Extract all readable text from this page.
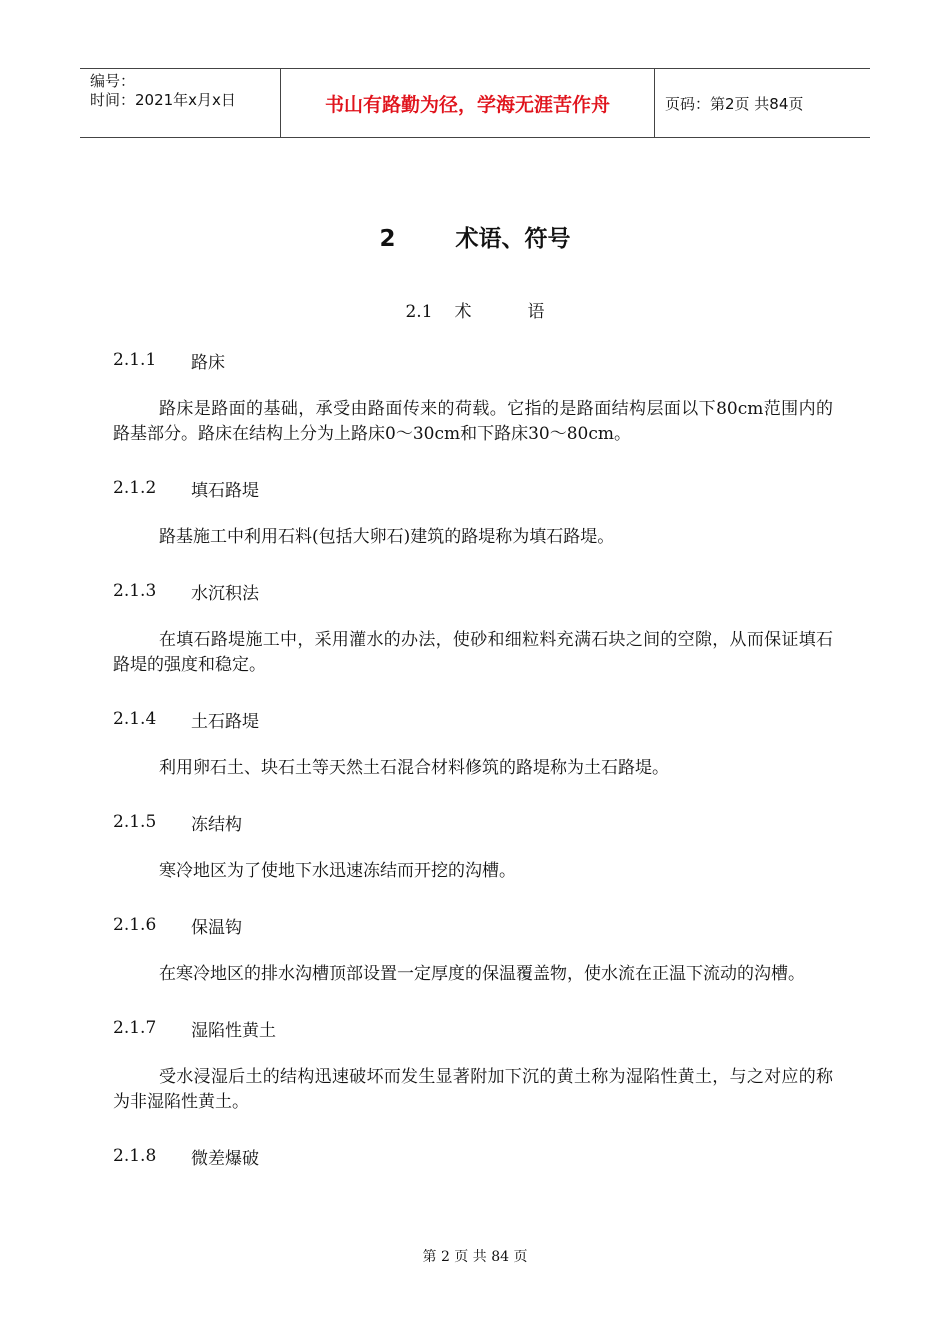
编号：
时间：2021年x月x日	书山有路勤为径，学海无涯苦作舟	页码：第2页 共84页
2	术语、符号
2.1 术	语
2.1.1	路床

路床是路面的基础，承受由路面传来的荷载。它指的是路面结构层面以下80cm范围内的路基部分。路床在结构上分为上路床0～30cm和下路床30～80cm。

2.1.2	填石路堤

路基施工中利用石料(包括大卵石)建筑的路堤称为填石路堤。

2.1.3	水沉积法

在填石路堤施工中，采用灌水的办法，使砂和细粒料充满石块之间的空隙，从而保证填石路堤的强度和稳定。

2.1.4	土石路堤

利用卵石土、块石土等天然土石混合材料修筑的路堤称为土石路堤。

2.1.5	冻结构

寒冷地区为了使地下水迅速冻结而开挖的沟槽。

2.1.6	保温钩

在寒冷地区的排水沟槽顶部设置一定厚度的保温覆盖物，使水流在正温下流动的沟槽。

2.1.7	湿陷性黄土

受水浸湿后土的结构迅速破坏而发生显著附加下沉的黄土称为湿陷性黄土，与之对应的称为非湿陷性黄土。

2.1.8	微差爆破
第 2 页 共 84 页
